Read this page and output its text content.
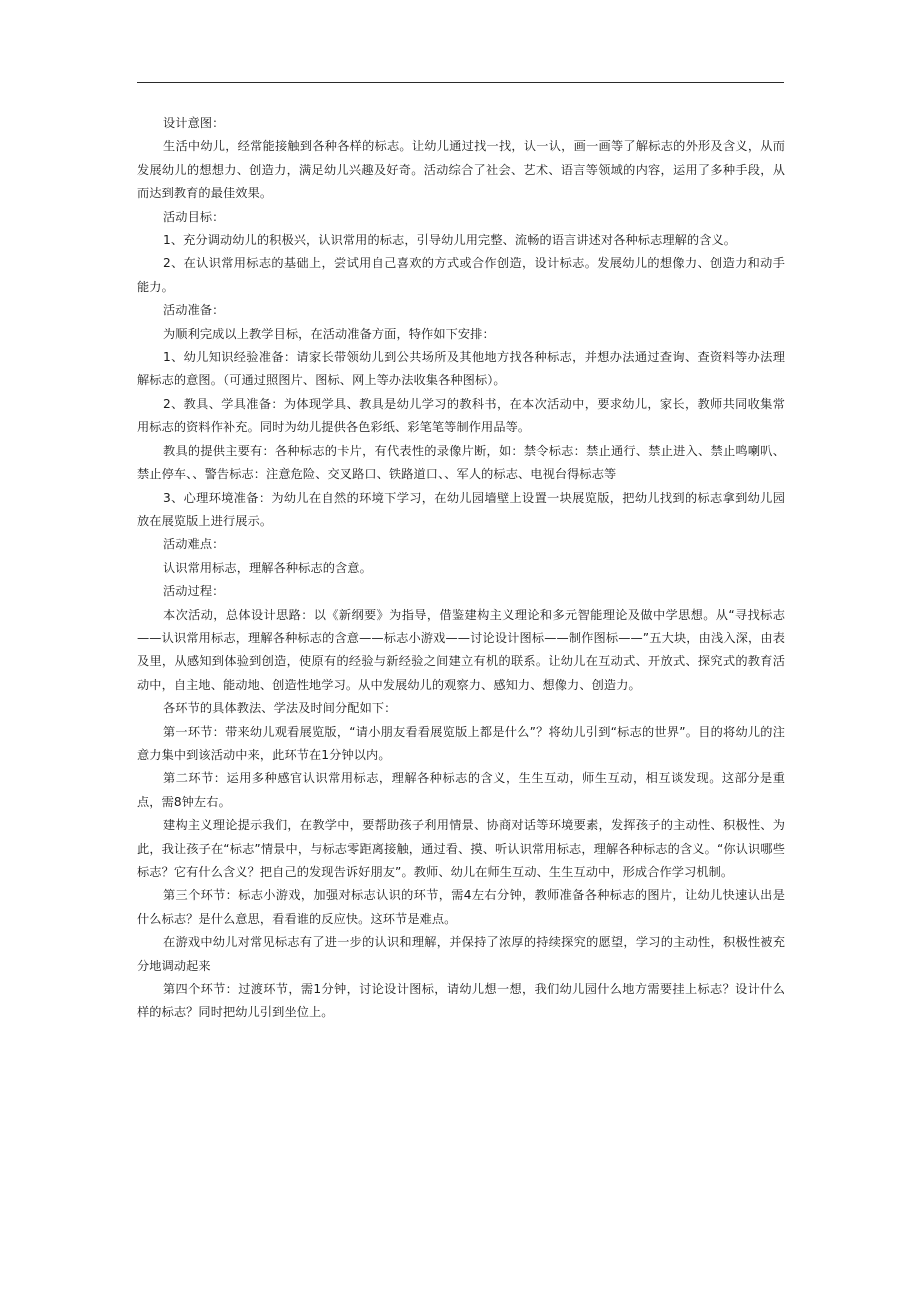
设计意图：

生活中幼儿，经常能接触到各种各样的标志。让幼儿通过找一找，认一认，画一画等了解标志的外形及含义，从而发展幼儿的想想力、创造力，满足幼儿兴趣及好奇。活动综合了社会、艺术、语言等领域的内容，运用了多种手段，从而达到教育的最佳效果。

活动目标：

1、充分调动幼儿的积极兴，认识常用的标志，引导幼儿用完整、流畅的语言讲述对各种标志理解的含义。

2、在认识常用标志的基础上，尝试用自己喜欢的方式或合作创造，设计标志。发展幼儿的想像力、创造力和动手能力。

活动准备：

为顺利完成以上教学目标，在活动准备方面，特作如下安排：

1、幼儿知识经验准备：请家长带领幼儿到公共场所及其他地方找各种标志，并想办法通过查询、查资料等办法理解标志的意图。（可通过照图片、图标、网上等办法收集各种图标）。

2、教具、学具准备：为体现学具、教具是幼儿学习的教科书，在本次活动中，要求幼儿，家长，教师共同收集常用标志的资料作补充。同时为幼儿提供各色彩纸、彩笔笔等制作用品等。

教具的提供主要有：各种标志的卡片，有代表性的录像片断，如：禁令标志：禁止通行、禁止进入、禁止鸣喇叭、禁止停车、、警告标志：注意危险、交叉路口、铁路道口、、军人的标志、电视台得标志等

3、心理环境准备：为幼儿在自然的环境下学习，在幼儿园墙壁上设置一块展览版，把幼儿找到的标志拿到幼儿园放在展览版上进行展示。

活动难点：

认识常用标志，理解各种标志的含意。

活动过程：

本次活动，总体设计思路：以《新纲要》为指导，借鉴建构主义理论和多元智能理论及做中学思想。从“寻找标志——认识常用标志，理解各种标志的含意——标志小游戏——讨论设计图标——制作图标——”五大块，由浅入深，由表及里，从感知到体验到创造，使原有的经验与新经验之间建立有机的联系。让幼儿在互动式、开放式、探究式的教育活动中，自主地、能动地、创造性地学习。从中发展幼儿的观察力、感知力、想像力、创造力。

各环节的具体教法、学法及时间分配如下：

第一环节：带来幼儿观看展览版，“请小朋友看看展览版上都是什么”？将幼儿引到“标志的世界”。目的将幼儿的注意力集中到该活动中来，此环节在1分钟以内。

第二环节：运用多种感官认识常用标志，理解各种标志的含义，生生互动，师生互动，相互谈发现。这部分是重点，需8钟左右。

建构主义理论提示我们，在教学中，要帮助孩子利用情景、协商对话等环境要素，发挥孩子的主动性、积极性、为此，我让孩子在“标志”情景中，与标志零距离接触，通过看、摸、听认识常用标志，理解各种标志的含义。“你认识哪些标志？它有什么含义？把自己的发现告诉好朋友”。教师、幼儿在师生互动、生生互动中，形成合作学习机制。

第三个环节：标志小游戏，加强对标志认识的环节，需4左右分钟，教师准备各种标志的图片，让幼儿快速认出是什么标志？是什么意思，看看谁的反应快。这环节是难点。

在游戏中幼儿对常见标志有了进一步的认识和理解，并保持了浓厚的持续探究的愿望，学习的主动性，积极性被充分地调动起来

第四个环节：过渡环节，需1分钟，讨论设计图标，请幼儿想一想，我们幼儿园什么地方需要挂上标志？设计什么样的标志？同时把幼儿引到坐位上。
